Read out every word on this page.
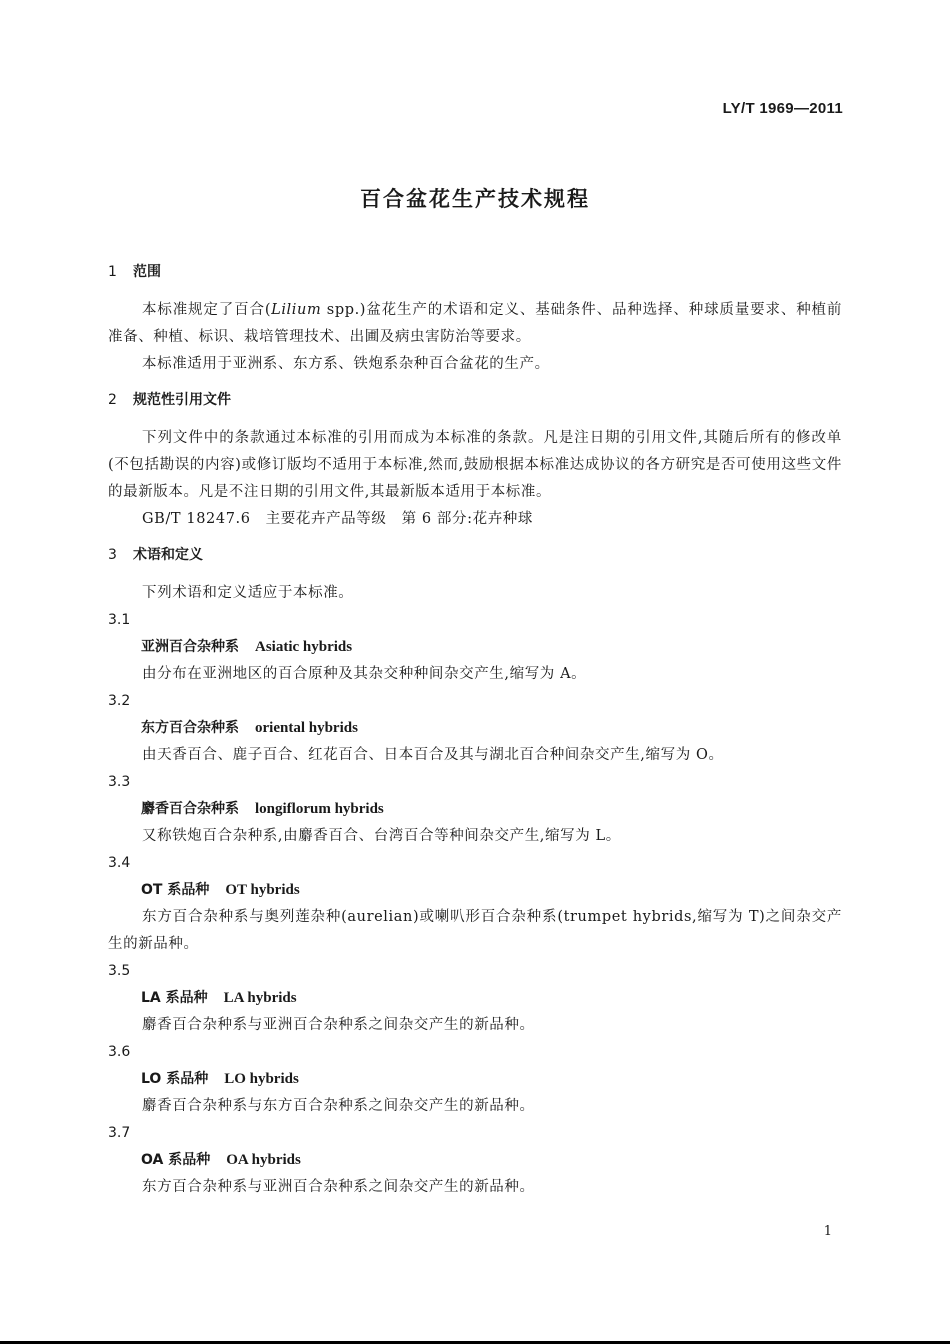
LY/T 1969—2011
百合盆花生产技术规程
1 范围

本标准规定了百合(Lilium spp.)盆花生产的术语和定义、基础条件、品种选择、种球质量要求、种植前准备、种植、标识、栽培管理技术、出圃及病虫害防治等要求。

本标准适用于亚洲系、东方系、铁炮系杂种百合盆花的生产。

2 规范性引用文件

下列文件中的条款通过本标准的引用而成为本标准的条款。凡是注日期的引用文件,其随后所有的修改单(不包括勘误的内容)或修订版均不适用于本标准,然而,鼓励根据本标准达成协议的各方研究是否可使用这些文件的最新版本。凡是不注日期的引用文件,其最新版本适用于本标准。

GB/T 18247.6　主要花卉产品等级　第 6 部分:花卉种球

3 术语和定义

下列术语和定义适应于本标准。

3.1
亚洲百合杂种系 Asiatic hybrids

由分布在亚洲地区的百合原种及其杂交种种间杂交产生,缩写为 A。

3.2
东方百合杂种系 oriental hybrids

由天香百合、鹿子百合、红花百合、日本百合及其与湖北百合种间杂交产生,缩写为 O。

3.3
麝香百合杂种系 longiflorum hybrids

又称铁炮百合杂种系,由麝香百合、台湾百合等种间杂交产生,缩写为 L。

3.4
OT 系品种 OT hybrids

东方百合杂种系与奥列莲杂种(aurelian)或喇叭形百合杂种系(trumpet hybrids,缩写为 T)之间杂交产生的新品种。

3.5
LA 系品种 LA hybrids

麝香百合杂种系与亚洲百合杂种系之间杂交产生的新品种。

3.6
LO 系品种 LO hybrids

麝香百合杂种系与东方百合杂种系之间杂交产生的新品种。

3.7
OA 系品种 OA hybrids

东方百合杂种系与亚洲百合杂种系之间杂交产生的新品种。

1
